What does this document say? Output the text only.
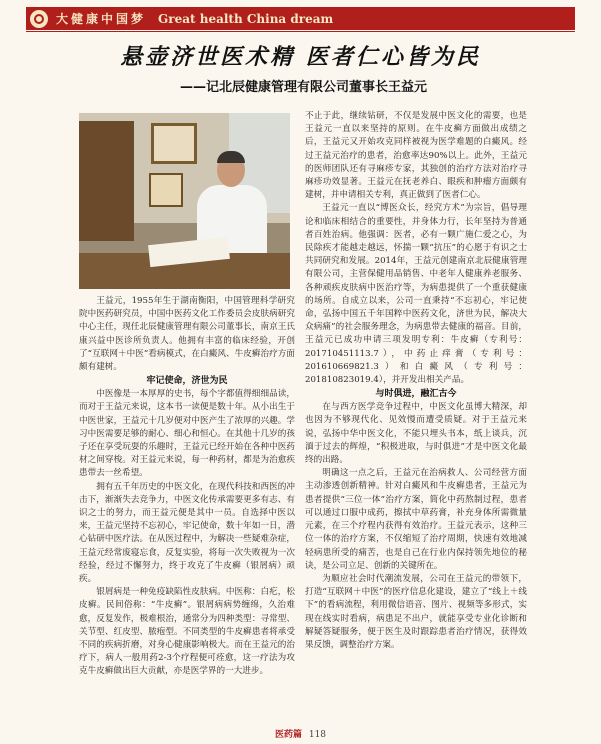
大健康中国梦 Great health China dream
悬壶济世医术精 医者仁心皆为民
——记北辰健康管理有限公司董事长王益元

王益元，1955年生于湖南衡阳，中国管理科学研究院中医药研究员，中国中医药文化工作委员会皮肤病研究中心主任，现任北辰健康管理有限公司董事长，南京王氏康兴益中医诊所负责人。他拥有丰富的临床经验，开创了“互联网＋中医”看病模式，在白癜风、牛皮癣治疗方面颇有建树。

牢记使命，济世为民

中医像是一本厚厚的史书，每个字都值得细细品读，而对于王益元来说，这本书一读便是数十年。从小出生于中医世家，王益元十几岁便对中医产生了浓厚的兴趣。学习中医需要足够的耐心、细心和恒心。在其他十几岁的孩子还在享受玩耍的乐趣时，王益元已经开始在各种中医药材之间穿梭。对王益元来说，每一种药材，都是为治愈疾患带去一丝希望。

拥有五千年历史的中医文化，在现代科技和西医的冲击下，渐渐失去竞争力，中医文化传承需要更多有志、有识之士的努力，而王益元便是其中一员。自选择中医以来，王益元坚持不忘初心，牢记使命，数十年如一日，潜心钻研中医疗法。在从医过程中，为解决一些疑难杂症，王益元经常废寝忘食，反复实验，将每一次失败视为一次经验，经过不懈努力，终于攻克了牛皮癣（银屑病）顽疾。

银屑病是一种免疫缺陷性皮肤病。中医称：白疕，松皮癣。民间俗称：“牛皮癣”。银屑病病势缠绵，久治难愈，反复发作，极难根治，通常分为四种类型：寻常型、关节型、红皮型、脓疱型。不同类型的牛皮癣患者将承受不同的疾病折磨，对身心健康影响极大。而在王益元的治疗下，病人一般用药2-3个疗程便可痊愈，这一疗法为攻克牛皮癣做出巨大贡献，亦是医学界的一大进步。

不止于此，继续钻研，不仅是发展中医文化的需要，也是王益元一直以来坚持的原则。在牛皮癣方面做出成绩之后，王益元又开始攻克同样被视为医学难题的白癜风。经过王益元治疗的患者，治愈率达90%以上。此外，王益元的医师团队还有寻麻疹专家，其独创的治疗方法对治疗寻麻疹功效显著。王益元在抚老养白、眼疾和肿瘤方面颇有建树，并申请相关专利，真正做到了医者仁心。

王益元一直以“博医众长，经究方术”为宗旨，倡导理论和临床相结合的重要性，并身体力行，长年坚持为普通者百姓治病。他强调：医者，必有一颗广施仁爱之心，为民除疾才能越走越远，怀揣一颗“抗压”的心愿于有识之士共同研究和发展。2014年，王益元创建南京北辰健康管理有限公司，主营保健用品销售、中老年人健康养老服务、各种顽疾皮肤病中医治疗等，为病患提供了一个重获健康的场所。自成立以来，公司一直秉持“不忘初心，牢记使命，弘扬中国五千年国粹中医药文化，济世为民，解决大众病痛”的社会服务理念，为病患带去健康的福音。目前，王益元已成功申请三项发明专利：牛皮癣（专利号：201710451113.7），中药止痒膏（专利号：201610669821.3）和白癜风（专利号：201810823019.4），并开发出相关产品。

与时俱进，融汇古今

在与西方医学竞争过程中，中医文化虽博大精深，却也因为不够现代化、见效慢而遭受质疑。对于王益元来说，弘扬中华中医文化，不能只埋头书本，纸上谈兵，沉湎于过去的辉煌，“积极进取，与时俱进”才是中医文化最终的出路。

明确这一点之后，王益元在治病救人、公司经营方面主动渗透创新精神。针对白癜风和牛皮癣患者，王益元为患者提供“三位一体”治疗方案，简化中药熬制过程，患者可以通过口服中成药，擦拭中草药膏，补充身体所需微量元素，在三个疗程内获得有效治疗。王益元表示，这种三位一体的治疗方案，不仅缩短了治疗周期，快速有效地减轻病患所受的痛苦，也是自己在行业内保持领先地位的秘诀，是公司立足、创新的关键所在。

为顺应社会时代潮流发展，公司在王益元的带领下，打造“互联网＋中医”的医疗信息化建设，建立了“线上＋线下”的看病流程，利用微信语音、图片、视频等多形式，实现在线实时看病，病患足不出户，就能享受专业化诊断和解疑答疑服务，便于医生及时跟踪患者治疗情况，获得效果反馈，调整治疗方案。

医药篇 118
